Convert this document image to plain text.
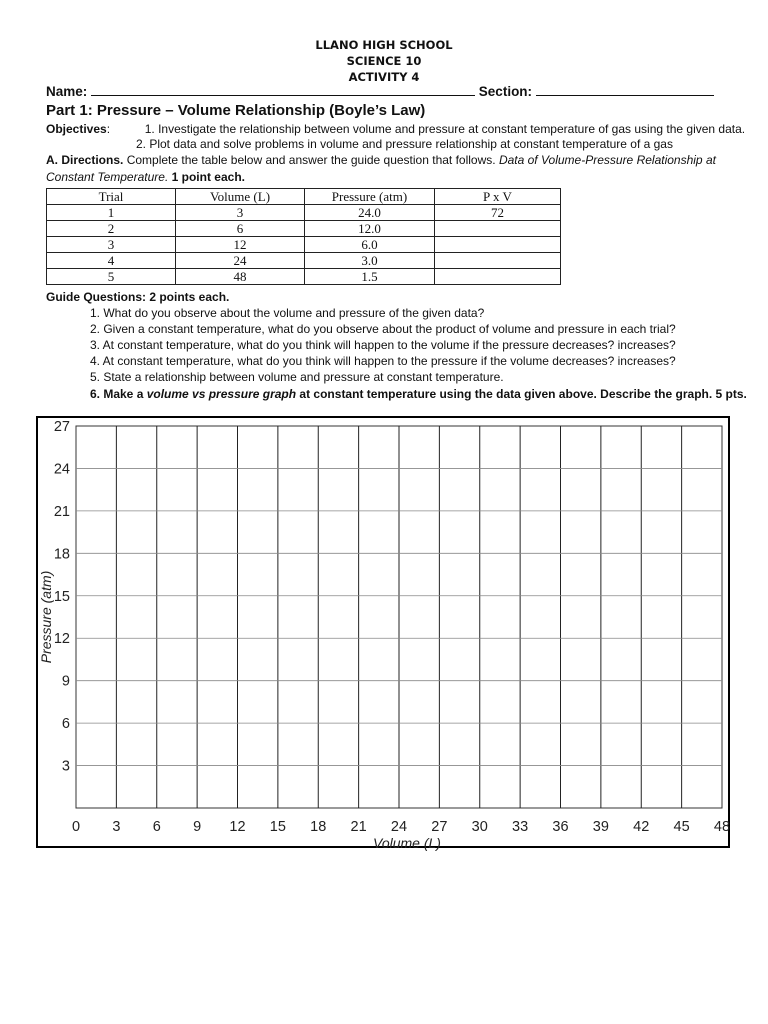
LLANO HIGH SCHOOL
SCIENCE 10
ACTIVITY 4
Name:	Section:
Part 1: Pressure – Volume Relationship (Boyle’s Law)
Objectives:	1. Investigate the relationship between volume and pressure at constant temperature of gas using the given data.
2. Plot data and solve problems in volume and pressure relationship at constant temperature of a gas
A. Directions. Complete the table below and answer the guide question that follows. Data of Volume-Pressure Relationship at
Constant Temperature. 1 point each.
Trial	Volume (L)	Pressure (atm)	P x V
1	3	24.0	72
2	6	12.0	
3	12	6.0	
4	24	3.0	
5	48	1.5	
Guide Questions: 2 points each.
1. What do you observe about the volume and pressure of the given data?
2. Given a constant temperature, what do you observe about the product of volume and pressure in each trial?
3. At constant temperature, what do you think will happen to the volume if the pressure decreases? increases?
4. At constant temperature, what do you think will happen to the pressure if the volume decreases? increases?
5. State a relationship between volume and pressure at constant temperature.
6. Make a volume vs pressure graph at constant temperature using the data given above. Describe the graph. 5 pts.
0 3 6 9 12 15 18 21 24 27 30 33 36 39 42 45 48
3
6
9
12
15
18
21
24
27
Volume (L)
Pressure (atm)
